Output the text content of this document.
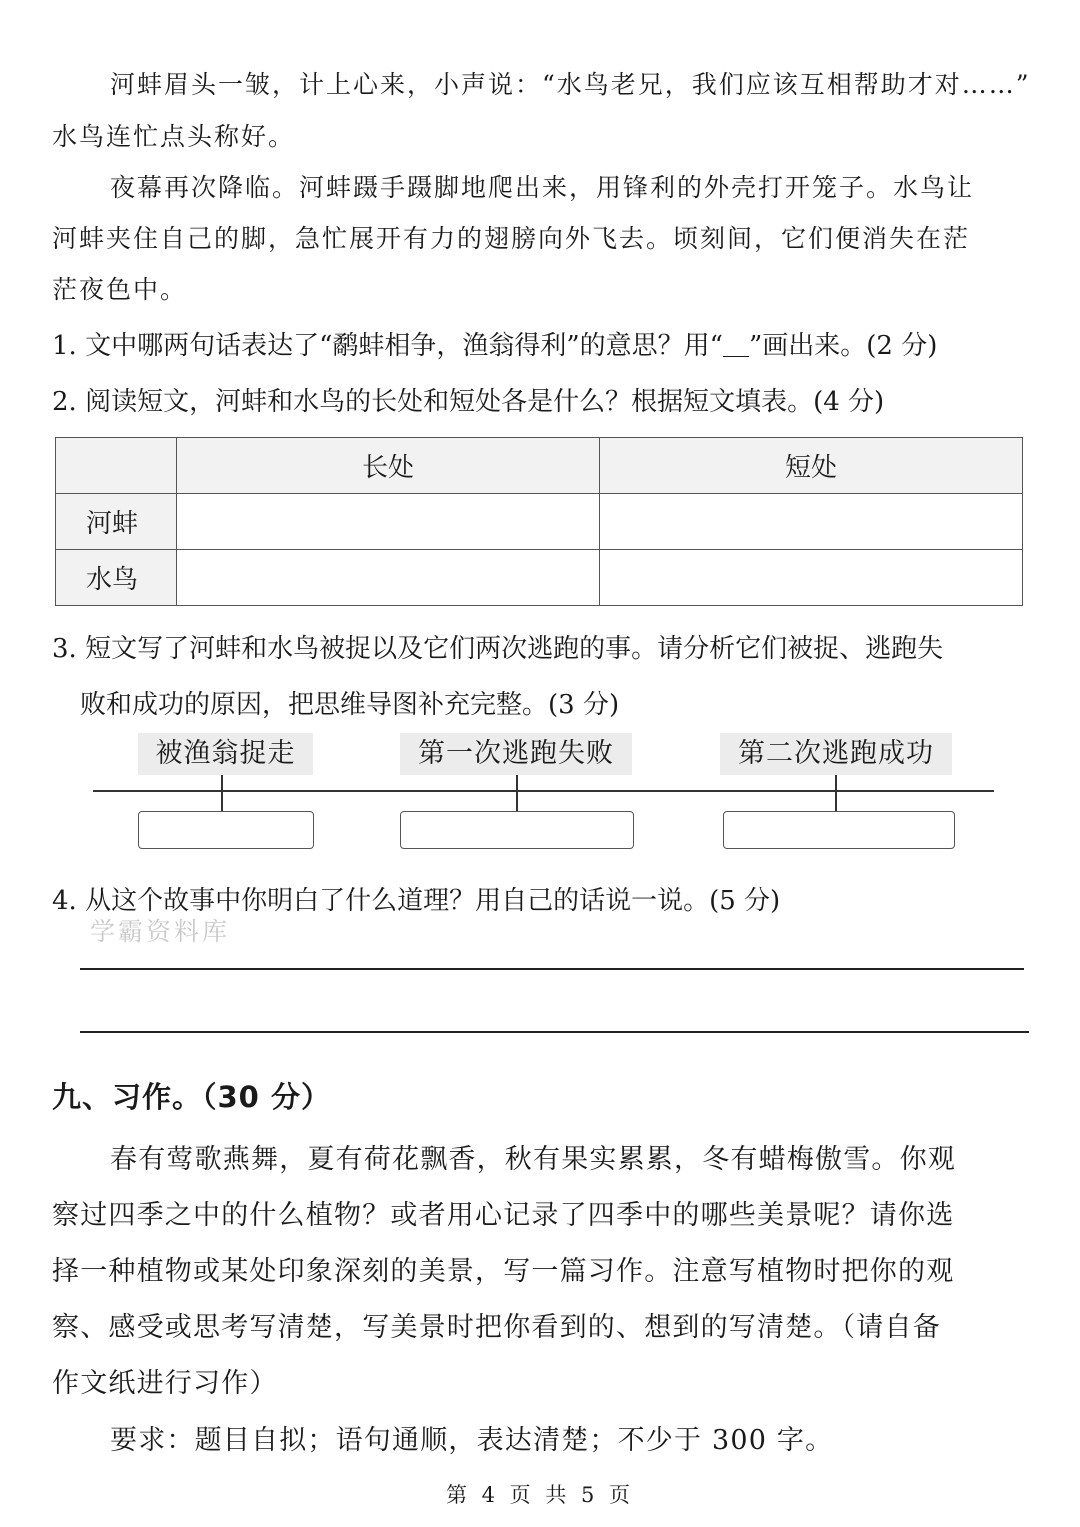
河蚌眉头一皱，计上心来，小声说：“水鸟老兄，我们应该互相帮助才对……”
水鸟连忙点头称好。
夜幕再次降临。河蚌蹑手蹑脚地爬出来，用锋利的外壳打开笼子。水鸟让
河蚌夹住自己的脚，急忙展开有力的翅膀向外飞去。顷刻间，它们便消失在茫
茫夜色中。
1. 文中哪两句话表达了“鹬蚌相争，渔翁得利”的意思？用“＿”画出来。(2 分)
2. 阅读短文，河蚌和水鸟的长处和短处各是什么？根据短文填表。(4 分)
	长处	短处
河蚌		
水鸟		
3. 短文写了河蚌和水鸟被捉以及它们两次逃跑的事。请分析它们被捉、逃跑失
败和成功的原因，把思维导图补充完整。(3 分)
被渔翁捉走	第一次逃跑失败	第二次逃跑成功
4. 从这个故事中你明白了什么道理？用自己的话说一说。(5 分)
学霸资料库
九、习作。（30 分）
春有莺歌燕舞，夏有荷花飘香，秋有果实累累，冬有蜡梅傲雪。你观
察过四季之中的什么植物？或者用心记录了四季中的哪些美景呢？请你选
择一种植物或某处印象深刻的美景，写一篇习作。注意写植物时把你的观
察、感受或思考写清楚，写美景时把你看到的、想到的写清楚。（请自备
作文纸进行习作）
要求：题目自拟；语句通顺，表达清楚；不少于 300 字。
第 4 页 共 5 页
